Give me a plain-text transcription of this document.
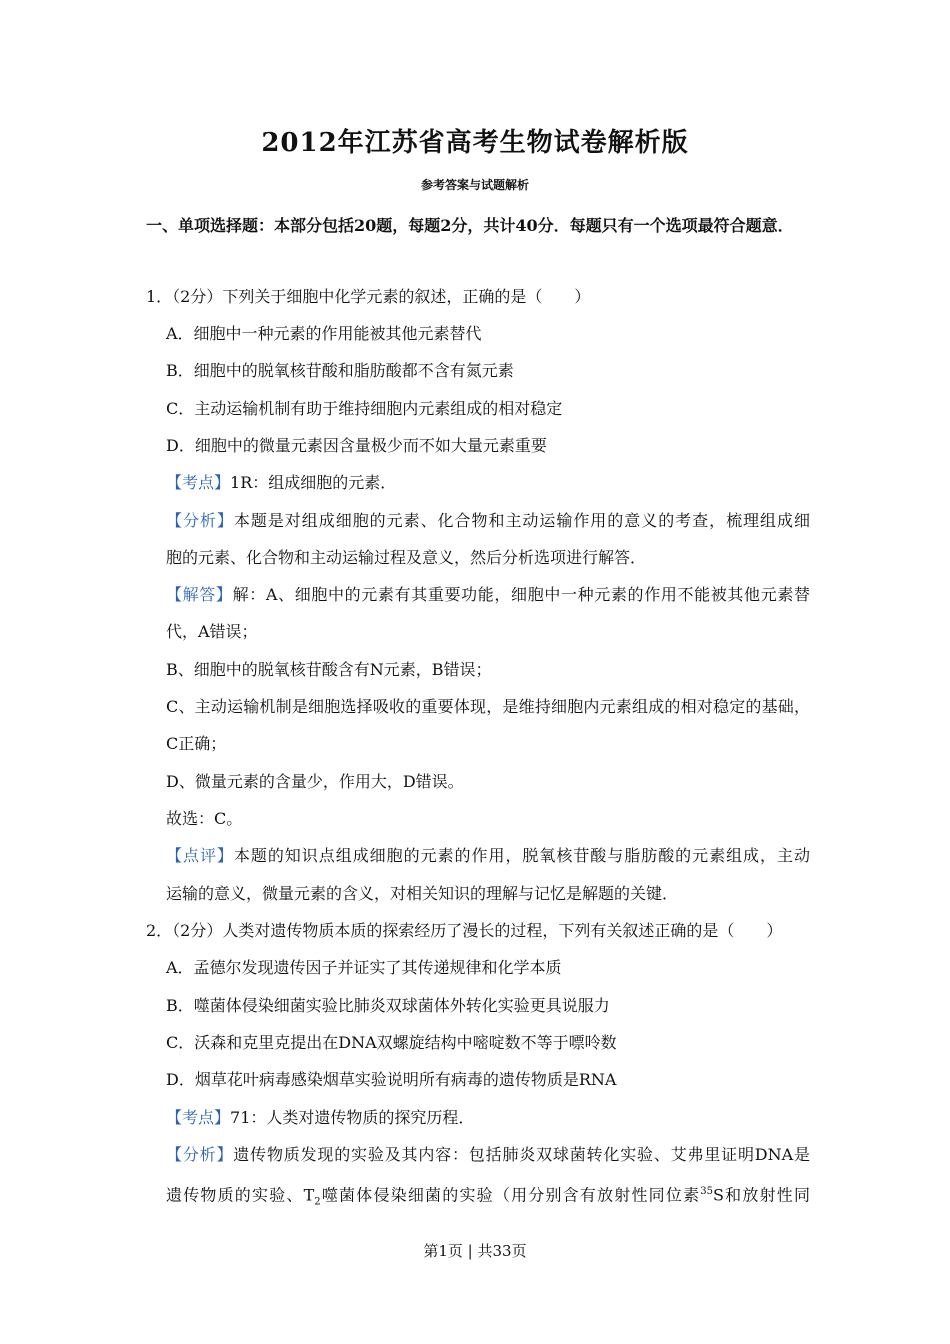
2012年江苏省高考生物试卷解析版
参考答案与试题解析
一、单项选择题：本部分包括20题，每题2分，共计40分．每题只有一个选项最符合题意．
1．（2分）下列关于细胞中化学元素的叙述，正确的是（　　）
A．细胞中一种元素的作用能被其他元素替代
B．细胞中的脱氧核苷酸和脂肪酸都不含有氮元素
C．主动运输机制有助于维持细胞内元素组成的相对稳定
D．细胞中的微量元素因含量极少而不如大量元素重要
【考点】1R：组成细胞的元素．
【分析】本题是对组成细胞的元素、化合物和主动运输作用的意义的考查，梳理组成细
胞的元素、化合物和主动运输过程及意义，然后分析选项进行解答．
【解答】解：A、细胞中的元素有其重要功能，细胞中一种元素的作用不能被其他元素替
代，A错误；
B、细胞中的脱氧核苷酸含有N元素，B错误；
C、主动运输机制是细胞选择吸收的重要体现，是维持细胞内元素组成的相对稳定的基础，
C正确；
D、微量元素的含量少，作用大，D错误。
故选：C。
【点评】本题的知识点组成细胞的元素的作用，脱氧核苷酸与脂肪酸的元素组成，主动
运输的意义，微量元素的含义，对相关知识的理解与记忆是解题的关键．
2．（2分）人类对遗传物质本质的探索经历了漫长的过程，下列有关叙述正确的是（　　）
A．孟德尔发现遗传因子并证实了其传递规律和化学本质
B．噬菌体侵染细菌实验比肺炎双球菌体外转化实验更具说服力
C．沃森和克里克提出在DNA双螺旋结构中嘧啶数不等于嘌呤数
D．烟草花叶病毒感染烟草实验说明所有病毒的遗传物质是RNA
【考点】71：人类对遗传物质的探究历程．
【分析】遗传物质发现的实验及其内容：包括肺炎双球菌转化实验、艾弗里证明DNA是
遗传物质的实验、$T_2$噬菌体侵染细菌的实验（用分别含有放射性同位素$^{35}$S和放射性同
第1页 | 共33页
